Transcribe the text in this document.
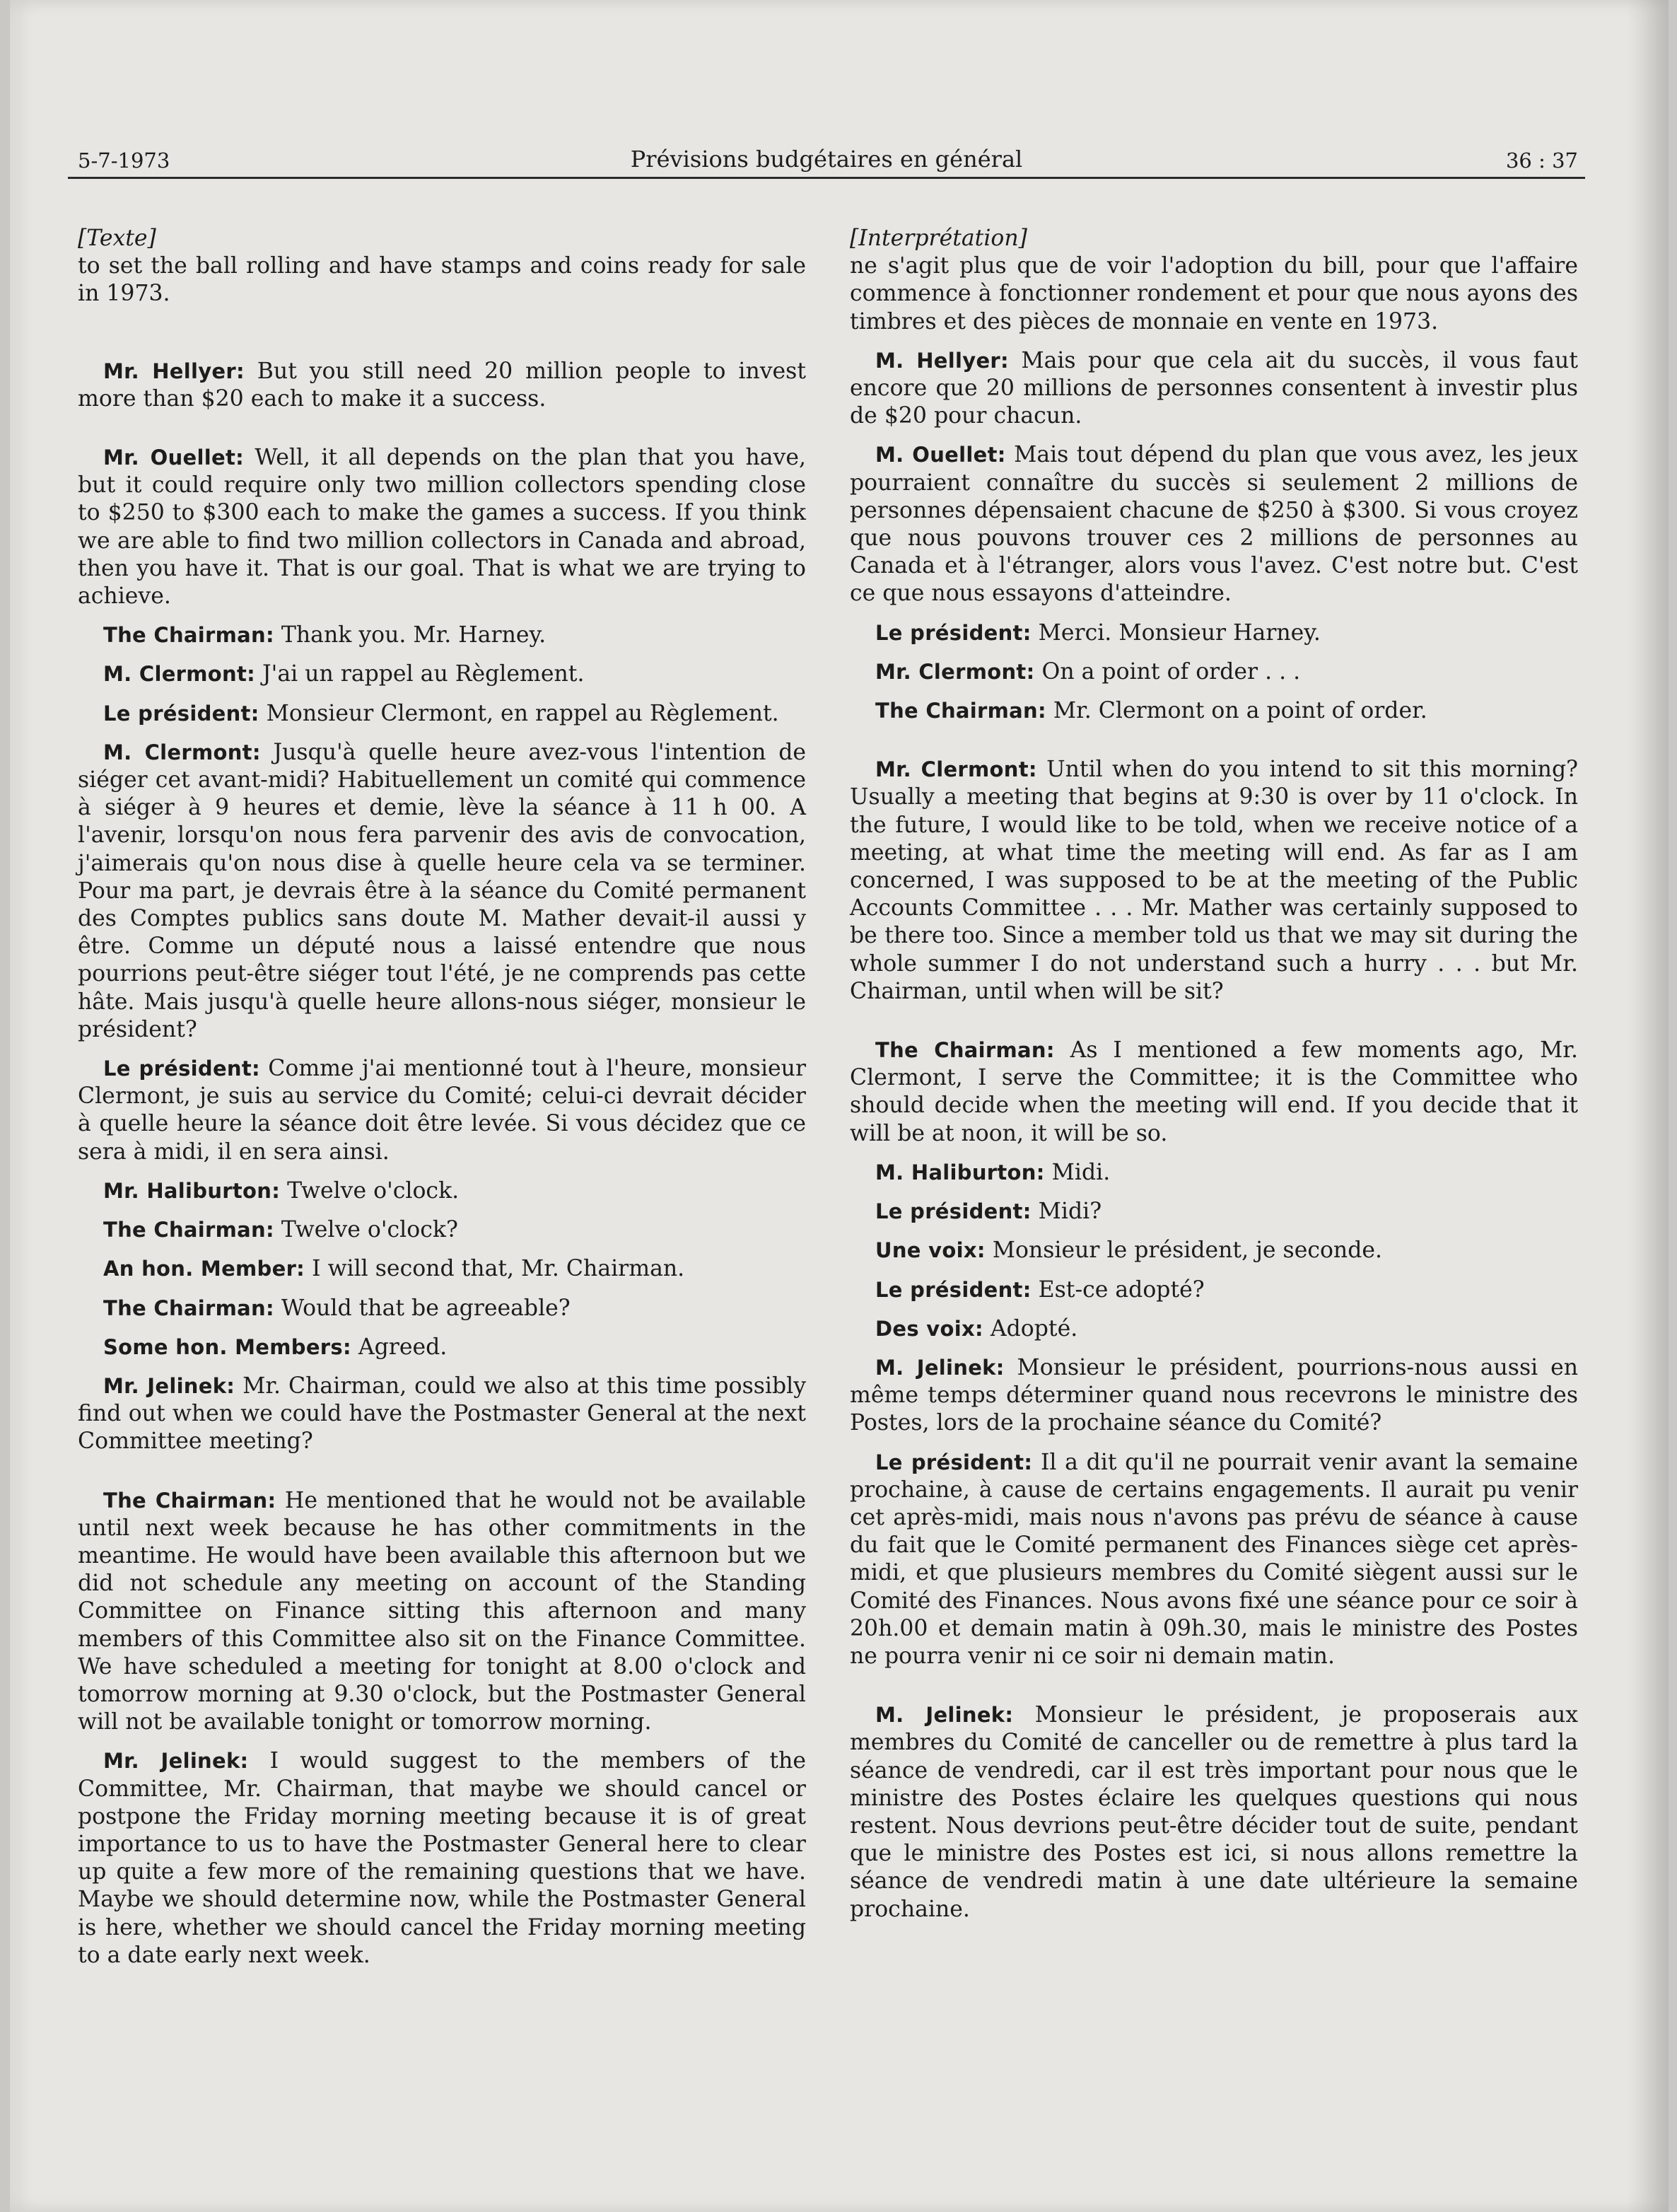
5-7-1973	Prévisions budgétaires en général	36 : 37

[Texte]

to set the ball rolling and have stamps and coins ready for sale in 1973.

Mr. Hellyer: But you still need 20 million people to invest more than $20 each to make it a success.

Mr. Ouellet: Well, it all depends on the plan that you have, but it could require only two million collectors spending close to $250 to $300 each to make the games a success. If you think we are able to find two million collectors in Canada and abroad, then you have it. That is our goal. That is what we are trying to achieve.

The Chairman: Thank you. Mr. Harney.

M. Clermont: J'ai un rappel au Règlement.

Le président: Monsieur Clermont, en rappel au Règlement.

M. Clermont: Jusqu'à quelle heure avez-vous l'intention de siéger cet avant-midi? Habituellement un comité qui commence à siéger à 9 heures et demie, lève la séance à 11 h 00. A l'avenir, lorsqu'on nous fera parvenir des avis de convocation, j'aimerais qu'on nous dise à quelle heure cela va se terminer. Pour ma part, je devrais être à la séance du Comité permanent des Comptes publics sans doute M. Mather devait-il aussi y être. Comme un député nous a laissé entendre que nous pourrions peut-être siéger tout l'été, je ne comprends pas cette hâte. Mais jusqu'à quelle heure allons-nous siéger, monsieur le président?

Le président: Comme j'ai mentionné tout à l'heure, monsieur Clermont, je suis au service du Comité; celui-ci devrait décider à quelle heure la séance doit être levée. Si vous décidez que ce sera à midi, il en sera ainsi.

Mr. Haliburton: Twelve o'clock.

The Chairman: Twelve o'clock?

An hon. Member: I will second that, Mr. Chairman.

The Chairman: Would that be agreeable?

Some hon. Members: Agreed.

Mr. Jelinek: Mr. Chairman, could we also at this time possibly find out when we could have the Postmaster General at the next Committee meeting?

The Chairman: He mentioned that he would not be available until next week because he has other commitments in the meantime. He would have been available this afternoon but we did not schedule any meeting on account of the Standing Committee on Finance sitting this afternoon and many members of this Committee also sit on the Finance Committee. We have scheduled a meeting for tonight at 8.00 o'clock and tomorrow morning at 9.30 o'clock, but the Postmaster General will not be available tonight or tomorrow morning.

Mr. Jelinek: I would suggest to the members of the Committee, Mr. Chairman, that maybe we should cancel or postpone the Friday morning meeting because it is of great importance to us to have the Postmaster General here to clear up quite a few more of the remaining questions that we have. Maybe we should determine now, while the Postmaster General is here, whether we should cancel the Friday morning meeting to a date early next week.

[Interprétation]

ne s'agit plus que de voir l'adoption du bill, pour que l'affaire commence à fonctionner rondement et pour que nous ayons des timbres et des pièces de monnaie en vente en 1973.

M. Hellyer: Mais pour que cela ait du succès, il vous faut encore que 20 millions de personnes consentent à investir plus de $20 pour chacun.

M. Ouellet: Mais tout dépend du plan que vous avez, les jeux pourraient connaître du succès si seulement 2 millions de personnes dépensaient chacune de $250 à $300. Si vous croyez que nous pouvons trouver ces 2 millions de personnes au Canada et à l'étranger, alors vous l'avez. C'est notre but. C'est ce que nous essayons d'atteindre.

Le président: Merci. Monsieur Harney.

Mr. Clermont: On a point of order . . .

The Chairman: Mr. Clermont on a point of order.

Mr. Clermont: Until when do you intend to sit this morning? Usually a meeting that begins at 9:30 is over by 11 o'clock. In the future, I would like to be told, when we receive notice of a meeting, at what time the meeting will end. As far as I am concerned, I was supposed to be at the meeting of the Public Accounts Committee . . . Mr. Mather was certainly supposed to be there too. Since a member told us that we may sit during the whole summer I do not understand such a hurry . . . but Mr. Chairman, until when will be sit?

The Chairman: As I mentioned a few moments ago, Mr. Clermont, I serve the Committee; it is the Committee who should decide when the meeting will end. If you decide that it will be at noon, it will be so.

M. Haliburton: Midi.

Le président: Midi?

Une voix: Monsieur le président, je seconde.

Le président: Est-ce adopté?

Des voix: Adopté.

M. Jelinek: Monsieur le président, pourrions-nous aussi en même temps déterminer quand nous recevrons le ministre des Postes, lors de la prochaine séance du Comité?

Le président: Il a dit qu'il ne pourrait venir avant la semaine prochaine, à cause de certains engagements. Il aurait pu venir cet après-midi, mais nous n'avons pas prévu de séance à cause du fait que le Comité permanent des Finances siège cet après-midi, et que plusieurs membres du Comité siègent aussi sur le Comité des Finances. Nous avons fixé une séance pour ce soir à 20h.00 et demain matin à 09h.30, mais le ministre des Postes ne pourra venir ni ce soir ni demain matin.

M. Jelinek: Monsieur le président, je proposerais aux membres du Comité de canceller ou de remettre à plus tard la séance de vendredi, car il est très important pour nous que le ministre des Postes éclaire les quelques questions qui nous restent. Nous devrions peut-être décider tout de suite, pendant que le ministre des Postes est ici, si nous allons remettre la séance de vendredi matin à une date ultérieure la semaine prochaine.
